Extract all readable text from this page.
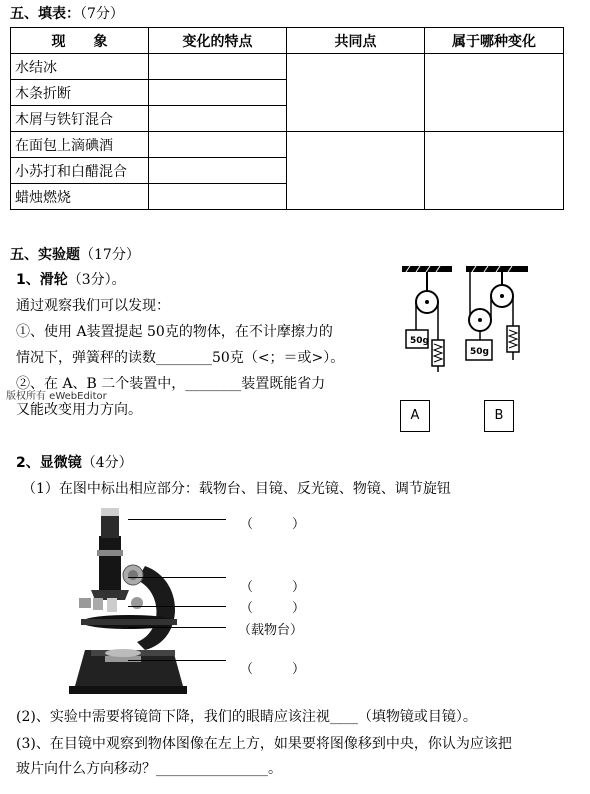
五、填表：（7分）
现　　象	变化的特点	共同点	属于哪种变化
水结冰			
木条折断			
木屑与铁钉混合			
在面包上滴碘酒			
小苏打和白醋混合			
蜡烛燃烧			
五、实验题（17分）
1、滑轮（3分）。
通过观察我们可以发现：
①、使用 A装置提起 50克的物体，在不计摩擦力的
情况下，弹簧秤的读数________50克（<；＝或>）。
②、在 A、B 二个装置中，________装置既能省力
版权所有 eWebEditor
又能改变用力方向。
50g
50g
A	B
2、显微镜（4分）
（1）在图中标出相应部分：载物台、目镜、反光镜、物镜、调节旋钮
（　　　）
（　　　）
（　　　）
（载物台）
（　　　）
(2)、实验中需要将镜筒下降，我们的眼睛应该注视____（填物镜或目镜）。
(3)、在目镜中观察到物体图像在左上方，如果要将图像移到中央，你认为应该把
玻片向什么方向移动？________________。
